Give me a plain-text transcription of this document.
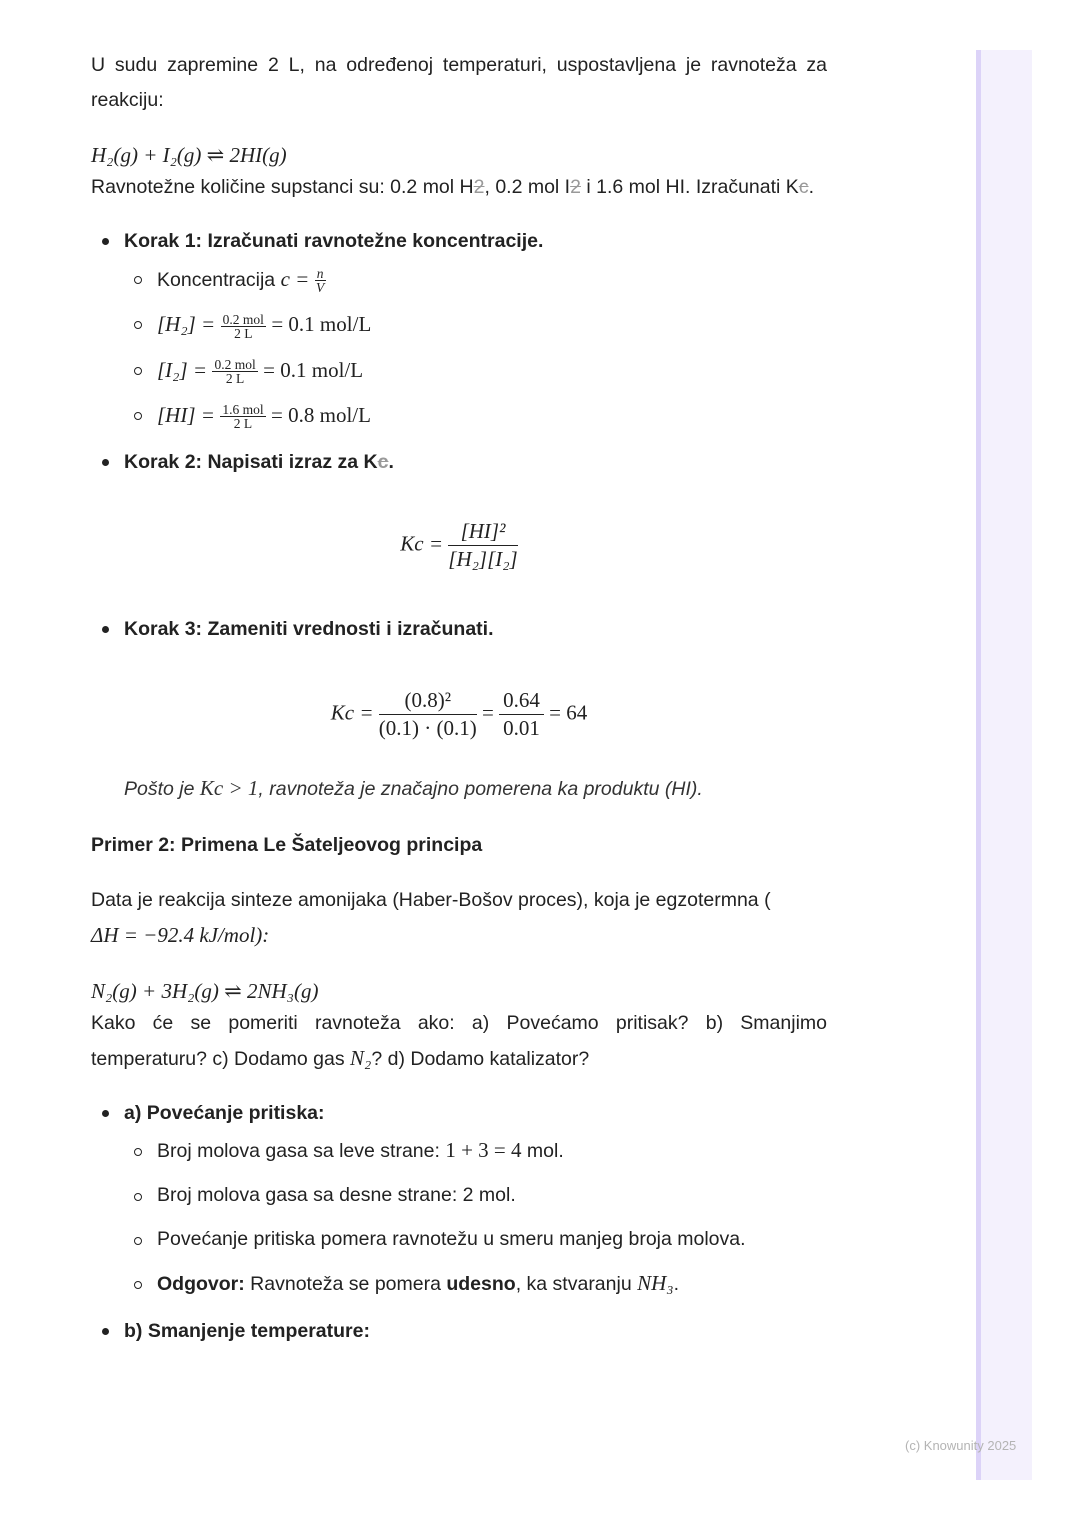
U sudu zapremine 2 L, na određenoj temperaturi, uspostavljena je ravnoteža za reakciju:

H₂(g) + I₂(g) ⇌ 2HI(g)

Ravnotežne količine supstanci su: 0.2 mol H2, 0.2 mol I2 i 1.6 mol HI. Izračunati Kc.

Korak 1: Izračunati ravnotežne koncentracije.
Koncentracija $c = \frac{n}{V}$
$[H_2] = \frac{\text{0.2 mol}}{2 L} = 0.1$ mol/L
$[I_2] = \frac{\text{0.2 mol}}{2 L} = 0.1$ mol/L
$[HI] = \frac{\text{1.6 mol}}{2 L} = 0.8$ mol/L
Korak 2: Napisati izraz za Kc.
$Kc = \frac{\text{[HI]²}}{\text{[H₂][I₂]}}$
Korak 3: Zameniti vrednosti i izračunati.
$Kc = \frac{\text{(0.8)²}}{(0.1) \cdot (0.1)} = \frac{0.64}{0.01} = 64$
Pošto je Kc > 1, ravnoteža je značajno pomerena ka produktu (HI).
Primer 2: Primena Le Šateljeovog principa

Data je reakcija sinteze amonijaka (Haber-Bošov proces), koja je egzotermna (
ΔH = −92.4 kJ/mol):

N₂(g) + 3H₂(g) ⇌ 2NH₃(g)

Kako će se pomeriti ravnoteža ako: a) Povećamo pritisak? b) Smanjimo temperaturu? c) Dodamo gas N₂? d) Dodamo katalizator?

a) Povećanje pritiska:
Broj molova gasa sa leve strane: 1 + 3 = 4 mol.
Broj molova gasa sa desne strane: 2 mol.
Povećanje pritiska pomera ravnotežu u smeru manjeg broja molova.
Odgovor: Ravnoteža se pomera udesno, ka stvaranju NH₃.
b) Smanjenje temperature:
(c) Knowunity 2025
